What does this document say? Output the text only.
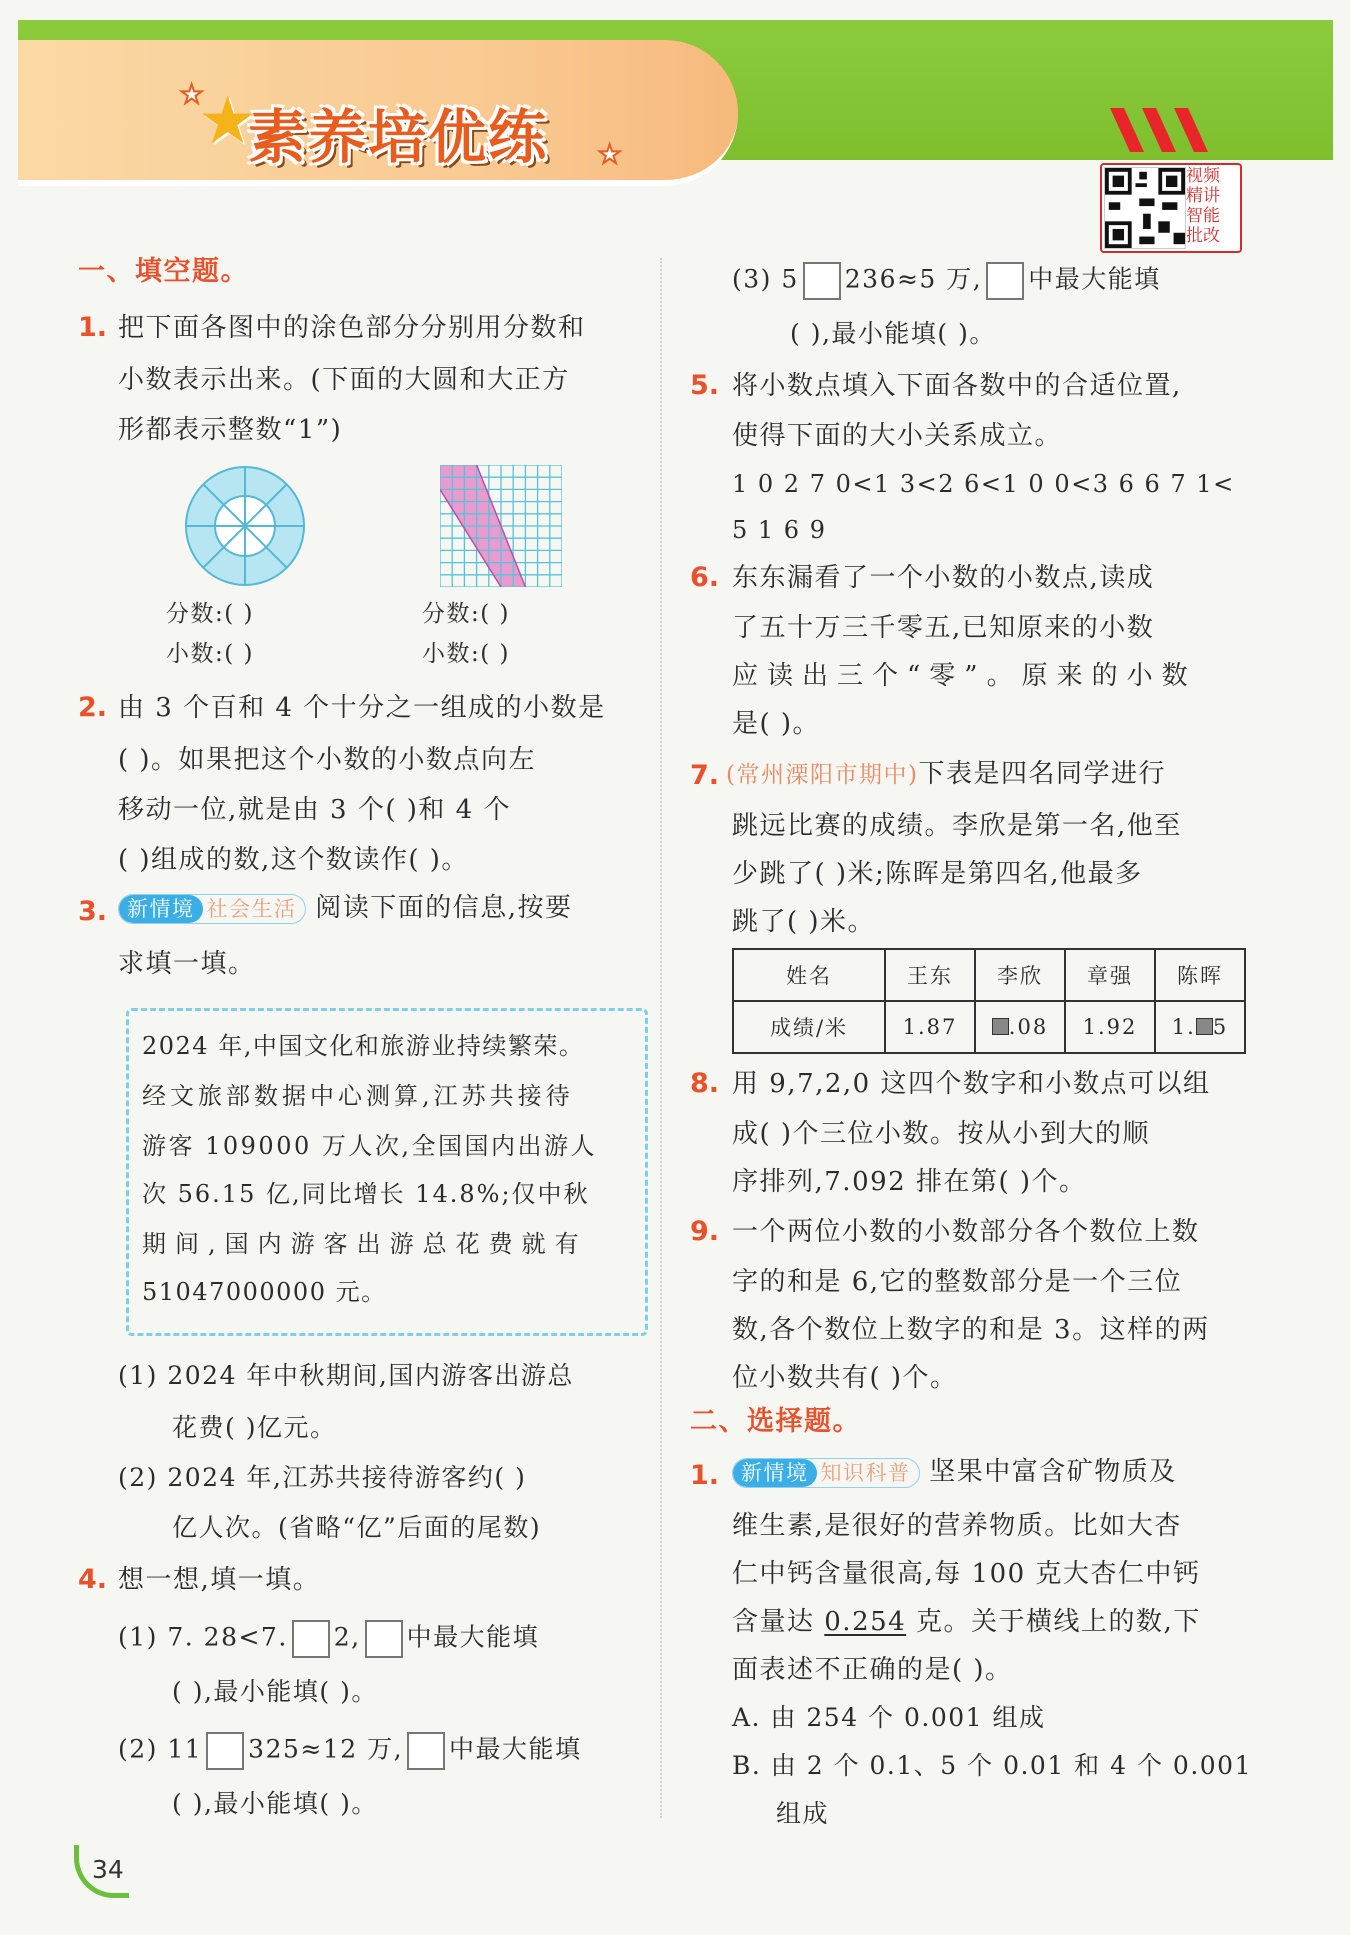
★
★
素养培优练 ★
视频精讲 智能批改
一、填空题。
1. 把下面各图中的涂色部分分别用分数和
小数表示出来。(下面的大圆和大正方
形都表示整数“1”)
分数:( )
小数:( )
分数:( )
小数:( )
2. 由 3 个百和 4 个十分之一组成的小数是
( )。如果把这个小数的小数点向左
移动一位,就是由 3 个( )和 4 个
( )组成的数,这个数读作( )。
3. 新情境 社会生活 阅读下面的信息,按要
求填一填。
2024 年,中国文化和旅游业持续繁荣。
经文旅部数据中心测算,江苏共接待
游客 109000 万人次,全国国内出游人
次 56.15 亿,同比增长 14.8%;仅中秋
期间,国内游客出游总花费就有
51047000000 元。
(1) 2024 年中秋期间,国内游客出游总
花费( )亿元。
(2) 2024 年,江苏共接待游客约( )
亿人次。(省略“亿”后面的尾数)
4. 想一想,填一填。
(1) 7. 28<7. 2, 中最大能填
( ),最小能填( )。
(2) 11 325≈12 万, 中最大能填
( ),最小能填( )。
(3) 5 236≈5 万, 中最大能填
( ),最小能填( )。
5. 将小数点填入下面各数中的合适位置,
使得下面的大小关系成立。
1 0 2 7 0<1 3<2 6<1 0 0<3 6 6 7 1<
5 1 6 9
6. 东东漏看了一个小数的小数点,读成
了五十万三千零五,已知原来的小数
应读出三个“零”。原来的小数
是( )。
7. (常州溧阳市期中)下表是四名同学进行
跳远比赛的成绩。李欣是第一名,他至
少跳了( )米;陈晖是第四名,他最多
跳了( )米。
姓名	王东	李欣	章强	陈晖
成绩/米	1.87	.08	1.92	1. 5
8. 用 9,7,2,0 这四个数字和小数点可以组
成( )个三位小数。按从小到大的顺
序排列,7.092 排在第( )个。
9. 一个两位小数的小数部分各个数位上数
字的和是 6,它的整数部分是一个三位
数,各个数位上数字的和是 3。这样的两
位小数共有( )个。
二、选择题。
1.	新情境 知识科普 坚果中富含矿物质及
维生素,是很好的营养物质。比如大杏
仁中钙含量很高,每 100 克大杏仁中钙
含量达 0.254 克。关于横线上的数,下
面表述不正确的是( )。
A. 由 254 个 0.001 组成
B. 由 2 个 0.1、5 个 0.01 和 4 个 0.001
组成
34
